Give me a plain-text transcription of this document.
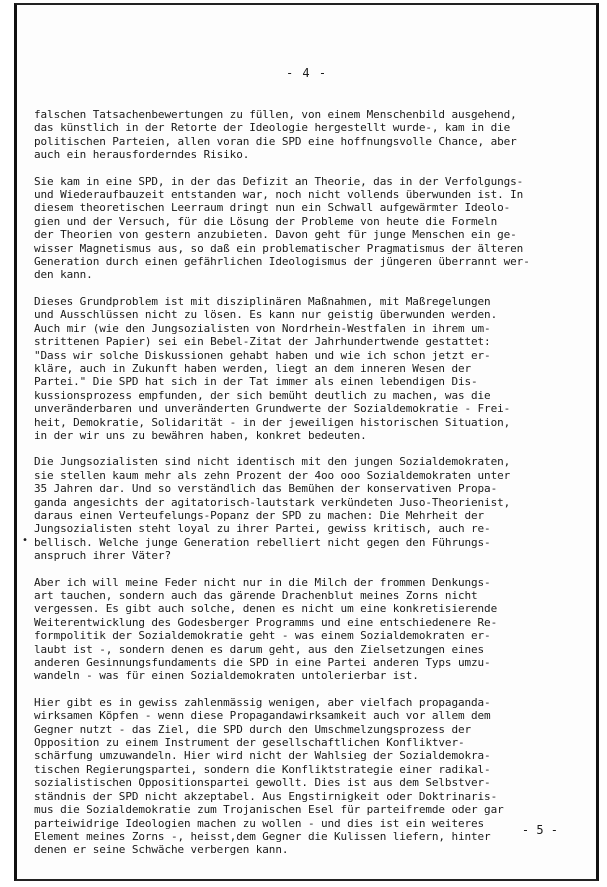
- 4 -
falschen Tatsachenbewertungen zu füllen, von einem Menschenbild ausgehend,
das künstlich in der Retorte der Ideologie hergestellt wurde-, kam in die
politischen Parteien, allen voran die SPD eine hoffnungsvolle Chance, aber
auch ein herausforderndes Risiko.
Sie kam in eine SPD, in der das Defizit an Theorie, das in der Verfolgungs-
und Wiederaufbauzeit entstanden war, noch nicht vollends überwunden ist. In
diesem theoretischen Leerraum dringt nun ein Schwall aufgewärmter Ideolo-
gien und der Versuch, für die Lösung der Probleme von heute die Formeln
der Theorien von gestern anzubieten. Davon geht für junge Menschen ein ge-
wisser Magnetismus aus, so daß ein problematischer Pragmatismus der älteren
Generation durch einen gefährlichen Ideologismus der jüngeren überrannt wer-
den kann.
Dieses Grundproblem ist mit disziplinären Maßnahmen, mit Maßregelungen
und Ausschlüssen nicht zu lösen. Es kann nur geistig überwunden werden.
Auch mir (wie den Jungsozialisten von Nordrhein-Westfalen in ihrem um-
strittenen Papier) sei ein Bebel-Zitat der Jahrhundertwende gestattet:
"Dass wir solche Diskussionen gehabt haben und wie ich schon jetzt er-
kläre, auch in Zukunft haben werden, liegt an dem inneren Wesen der
Partei." Die SPD hat sich in der Tat immer als einen lebendigen Dis-
kussionsprozess empfunden, der sich bemüht deutlich zu machen, was die
unveränderbaren und unveränderten Grundwerte der Sozialdemokratie - Frei-
heit, Demokratie, Solidarität - in der jeweiligen historischen Situation,
in der wir uns zu bewähren haben, konkret bedeuten.
Die Jungsozialisten sind nicht identisch mit den jungen Sozialdemokraten,
sie stellen kaum mehr als zehn Prozent der 4oo ooo Sozialdemokraten unter
35 Jahren dar. Und so verständlich das Bemühen der konservativen Propa-
ganda angesichts der agitatorisch-lautstark verkündeten Juso-Theorienist,
daraus einen Verteufelungs-Popanz der SPD zu machen: Die Mehrheit der
Jungsozialisten steht loyal zu ihrer Partei, gewiss kritisch, auch re-
bellisch. Welche junge Generation rebelliert nicht gegen den Führungs-
anspruch ihrer Väter?
Aber ich will meine Feder nicht nur in die Milch der frommen Denkungs-
art tauchen, sondern auch das gärende Drachenblut meines Zorns nicht
vergessen. Es gibt auch solche, denen es nicht um eine konkretisierende
Weiterentwicklung des Godesberger Programms und eine entschiedenere Re-
formpolitik der Sozialdemokratie geht - was einem Sozialdemokraten er-
laubt ist -, sondern denen es darum geht, aus den Zielsetzungen eines
anderen Gesinnungsfundaments die SPD in eine Partei anderen Typs umzu-
wandeln - was für einen Sozialdemokraten untolerierbar ist.
Hier gibt es in gewiss zahlenmässig wenigen, aber vielfach propaganda-
wirksamen Köpfen - wenn diese Propagandawirksamkeit auch vor allem dem
Gegner nutzt - das Ziel, die SPD durch den Umschmelzungsprozess der
Opposition zu einem Instrument der gesellschaftlichen Konfliktver-
schärfung umzuwandeln. Hier wird nicht der Wahlsieg der Sozialdemokra-
tischen Regierungspartei, sondern die Konfliktstrategie einer radikal-
sozialistischen Oppositionspartei gewollt. Dies ist aus dem Selbstver-
ständnis der SPD nicht akzeptabel. Aus Engstirnigkeit oder Doktrinaris-
mus die Sozialdemokratie zum Trojanischen Esel für parteifremde oder gar
parteiwidrige Ideologien machen zu wollen - und dies ist ein weiteres
Element meines Zorns -, heisst,dem Gegner die Kulissen liefern, hinter
denen er seine Schwäche verbergen kann.
•
- 5 -
